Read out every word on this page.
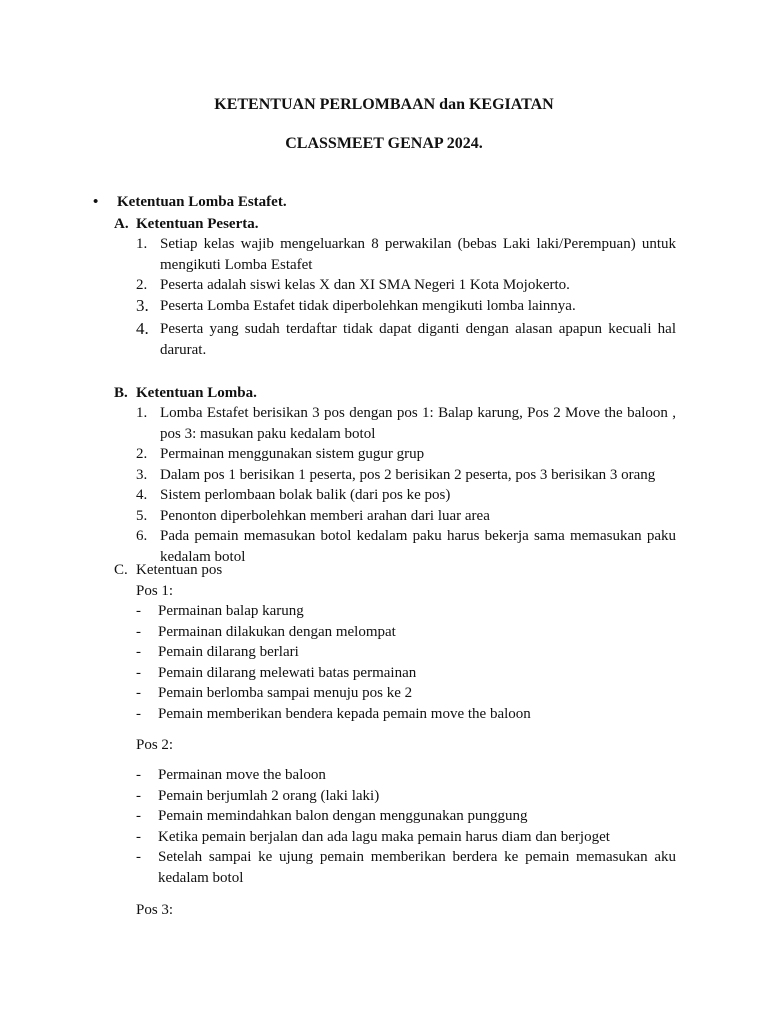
KETENTUAN PERLOMBAAN dan KEGIATAN
CLASSMEET GENAP 2024.
•	Ketentuan Lomba Estafet.
A. Ketentuan Peserta.
1. Setiap kelas wajib mengeluarkan 8 perwakilan (bebas Laki laki/Perempuan) untuk mengikuti Lomba Estafet
2. Peserta adalah siswi kelas X dan XI SMA Negeri 1 Kota Mojokerto.
3. Peserta Lomba Estafet tidak diperbolehkan mengikuti lomba lainnya.
4. Peserta yang sudah terdaftar tidak dapat diganti dengan alasan apapun kecuali hal darurat.
B. Ketentuan Lomba.
1. Lomba Estafet berisikan 3 pos dengan pos 1: Balap karung, Pos 2 Move the baloon , pos 3: masukan paku kedalam botol
2. Permainan menggunakan sistem gugur grup
3. Dalam pos 1 berisikan 1 peserta, pos 2 berisikan 2 peserta, pos 3 berisikan 3 orang
4. Sistem perlombaan bolak balik (dari pos ke pos)
5. Penonton diperbolehkan memberi arahan dari luar area
6. Pada pemain memasukan botol kedalam paku harus bekerja sama memasukan paku kedalam botol
C. Ketentuan pos
Pos 1:
- Permainan balap karung
- Permainan dilakukan dengan melompat
- Pemain dilarang berlari
- Pemain dilarang melewati batas permainan
- Pemain berlomba sampai menuju pos ke 2
- Pemain memberikan bendera kepada pemain move the baloon
Pos 2:
- Permainan move the baloon
- Pemain berjumlah 2 orang (laki laki)
- Pemain memindahkan balon dengan menggunakan punggung
- Ketika pemain berjalan dan ada lagu maka pemain harus diam dan berjoget
- Setelah sampai ke ujung pemain memberikan berdera ke pemain memasukan aku kedalam botol
Pos 3:
